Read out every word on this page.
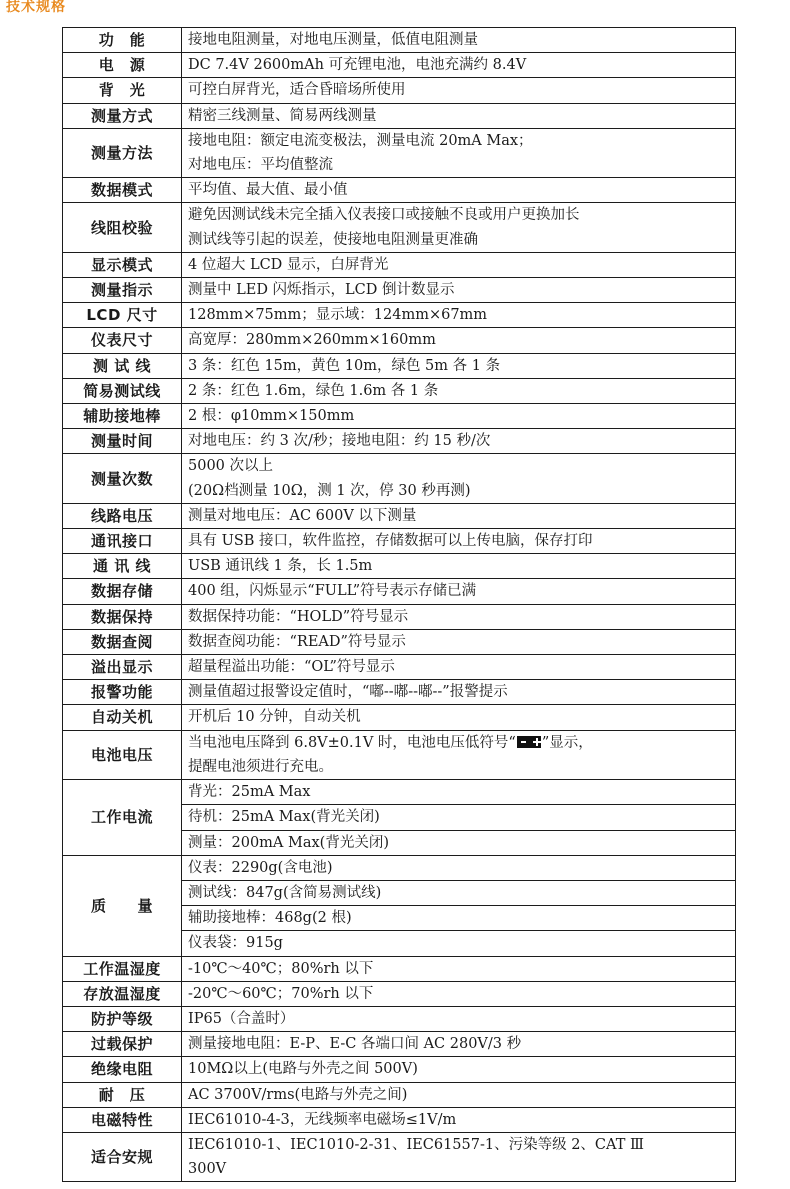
技术规格
功　能	接地电阻测量，对地电压测量，低值电阻测量

电　源	DC 7.4V 2600mAh 可充锂电池，电池充满约 8.4V

背　光	可控白屏背光，适合昏暗场所使用

测量方式	精密三线测量、简易两线测量

测量方法	接地电阻：额定电流变极法，测量电流 20mA Max；
对地电压：平均值整流

数据模式	平均值、最大值、最小值

线阻校验	避免因测试线未完全插入仪表接口或接触不良或用户更换加长
测试线等引起的误差，使接地电阻测量更准确

显示模式	4 位超大 LCD 显示，白屏背光

测量指示	测量中 LED 闪烁指示，LCD 倒计数显示

LCD 尺寸	128mm×75mm；显示域：124mm×67mm

仪表尺寸	高宽厚：280mm×260mm×160mm

测 试 线	3 条：红色 15m，黄色 10m，绿色 5m 各 1 条

简易测试线	2 条：红色 1.6m，绿色 1.6m 各 1 条

辅助接地棒	2 根：φ10mm×150mm

测量时间	对地电压：约 3 次/秒；接地电阻：约 15 秒/次

测量次数	5000 次以上
(20Ω档测量 10Ω，测 1 次，停 30 秒再测)

线路电压	测量对地电压：AC 600V 以下测量

通讯接口	具有 USB 接口，软件监控，存储数据可以上传电脑，保存打印

通 讯 线	USB 通讯线 1 条，长 1.5m

数据存储	400 组，闪烁显示“FULL”符号表示存储已满

数据保持	数据保持功能：“HOLD”符号显示

数据查阅	数据查阅功能：“READ”符号显示

溢出显示	超量程溢出功能：“OL”符号显示

报警功能	测量值超过报警设定值时，“嘟--嘟--嘟--”报警提示

自动关机	开机后 10 分钟，自动关机

电池电压	当电池电压降到 6.8V±0.1V 时，电池电压低符号“ ”显示，
提醒电池须进行充电。

工作电流	背光：25mA Max
	待机：25mA Max(背光关闭)
	测量：200mA Max(背光关闭)
质　　量	仪表：2290g(含电池)
	测试线：847g(含简易测试线)
	辅助接地棒：468g(2 根)
	仪表袋：915g
工作温湿度	-10℃～40℃；80%rh 以下

存放温湿度	-20℃～60℃；70%rh 以下

防护等级	IP65（合盖时）

过载保护	测量接地电阻：E-P、E-C 各端口间 AC 280V/3 秒

绝缘电阻	10MΩ以上(电路与外壳之间 500V)

耐　压	AC 3700V/rms(电路与外壳之间)

电磁特性	IEC61010-4-3，无线频率电磁场≤1V/m

适合安规	IEC61010-1、IEC1010-2-31、IEC61557-1、污染等级 2、CAT Ⅲ
300V
